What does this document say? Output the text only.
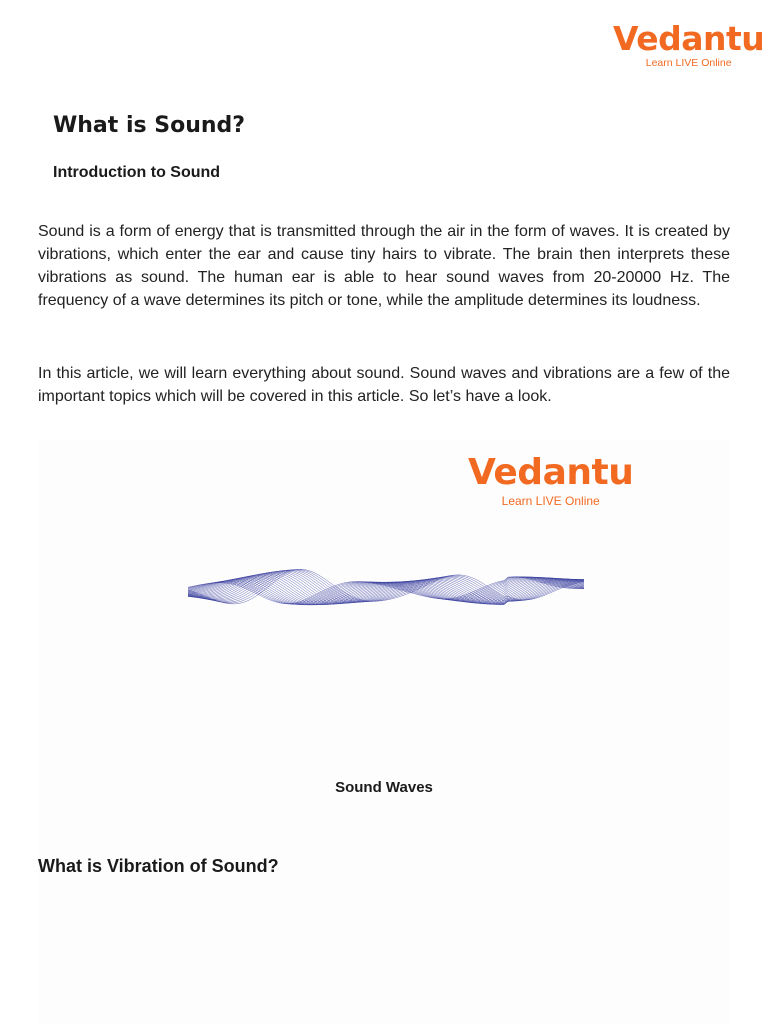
Vedantu
Learn LIVE Online
What is Sound?
Introduction to Sound

Sound is a form of energy that is transmitted through the air in the form of waves. It is created by vibrations, which enter the ear and cause tiny hairs to vibrate. The brain then interprets these vibrations as sound. The human ear is able to hear sound waves from 20-20000 Hz. The frequency of a wave determines its pitch or tone, while the amplitude determines its loudness.

In this article, we will learn everything about sound. Sound waves and vibrations are a few of the important topics which will be covered in this article. So let’s have a look.

Vedantu
Learn LIVE Online

Sound Waves

What is Vibration of Sound?
